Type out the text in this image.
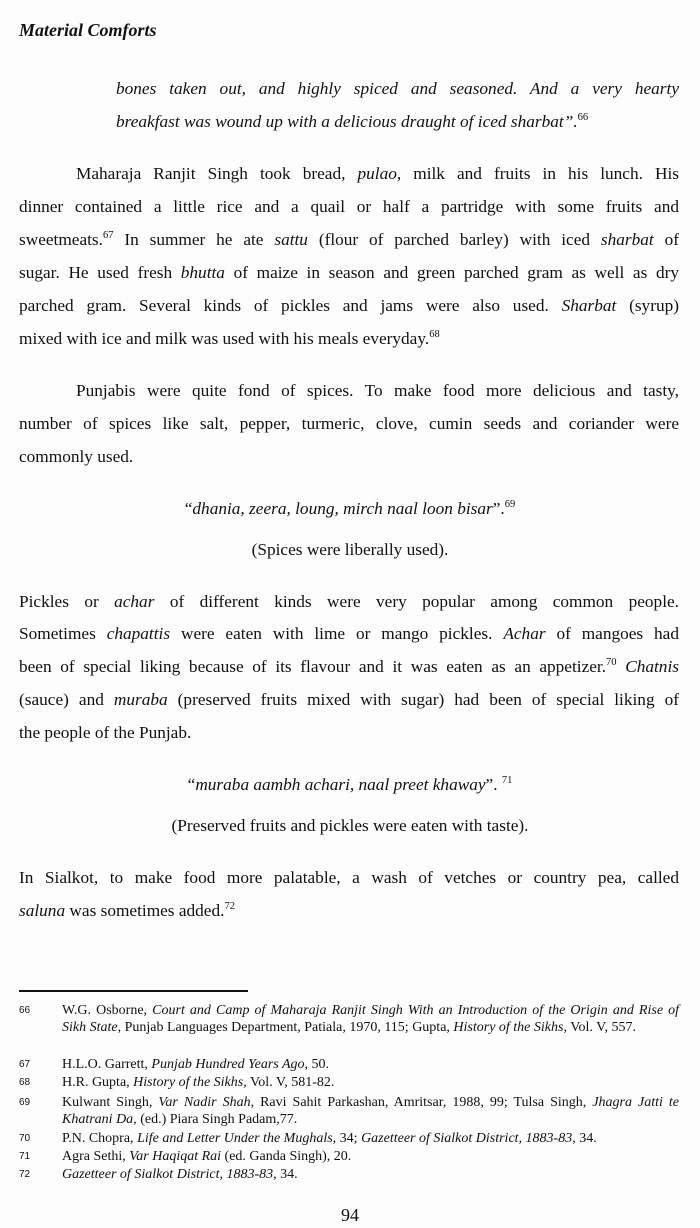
Material Comforts
bones taken out, and highly spiced and seasoned. And a very hearty
breakfast was wound up with a delicious draught of iced sharbat”.$^{66}$
Maharaja Ranjit Singh took bread, pulao, milk and fruits in his lunch. His
dinner contained a little rice and a quail or half a partridge with some fruits and
sweetmeats.$^{67}$ In summer he ate sattu (flour of parched barley) with iced sharbat of
sugar. He used fresh bhutta of maize in season and green parched gram as well as dry
parched gram. Several kinds of pickles and jams were also used. Sharbat (syrup)
mixed with ice and milk was used with his meals everyday.$^{68}$
Punjabis were quite fond of spices. To make food more delicious and tasty,
number of spices like salt, pepper, turmeric, clove, cumin seeds and coriander were
commonly used.
“dhania, zeera, loung, mirch naal loon bisar”.$^{69}$
(Spices were liberally used).
Pickles or achar of different kinds were very popular among common people.
Sometimes chapattis were eaten with lime or mango pickles. Achar of mangoes had
been of special liking because of its flavour and it was eaten as an appetizer.$^{70}$ Chatnis
(sauce) and muraba (preserved fruits mixed with sugar) had been of special liking of
the people of the Punjab.
“muraba aambh achari, naal preet khaway”. $^{71}$
(Preserved fruits and pickles were eaten with taste).
In Sialkot, to make food more palatable, a wash of vetches or country pea, called
saluna was sometimes added.$^{72}$
66 W.G. Osborne, Court and Camp of Maharaja Ranjit Singh With an Introduction of the Origin and Rise of Sikh State, Punjab Languages Department, Patiala, 1970, 115; Gupta, History of the Sikhs, Vol. V, 557.
67 H.L.O. Garrett, Punjab Hundred Years Ago, 50.
68 H.R. Gupta, History of the Sikhs, Vol. V, 581-82.
69 Kulwant Singh, Var Nadir Shah, Ravi Sahit Parkashan, Amritsar, 1988, 99; Tulsa Singh, Jhagra Jatti te Khatrani Da, (ed.) Piara Singh Padam,77.
70 P.N. Chopra, Life and Letter Under the Mughals, 34; Gazetteer of Sialkot District, 1883-83, 34.
71 Agra Sethi, Var Haqiqat Rai (ed. Ganda Singh), 20.
72 Gazetteer of Sialkot District, 1883-83, 34.
94
